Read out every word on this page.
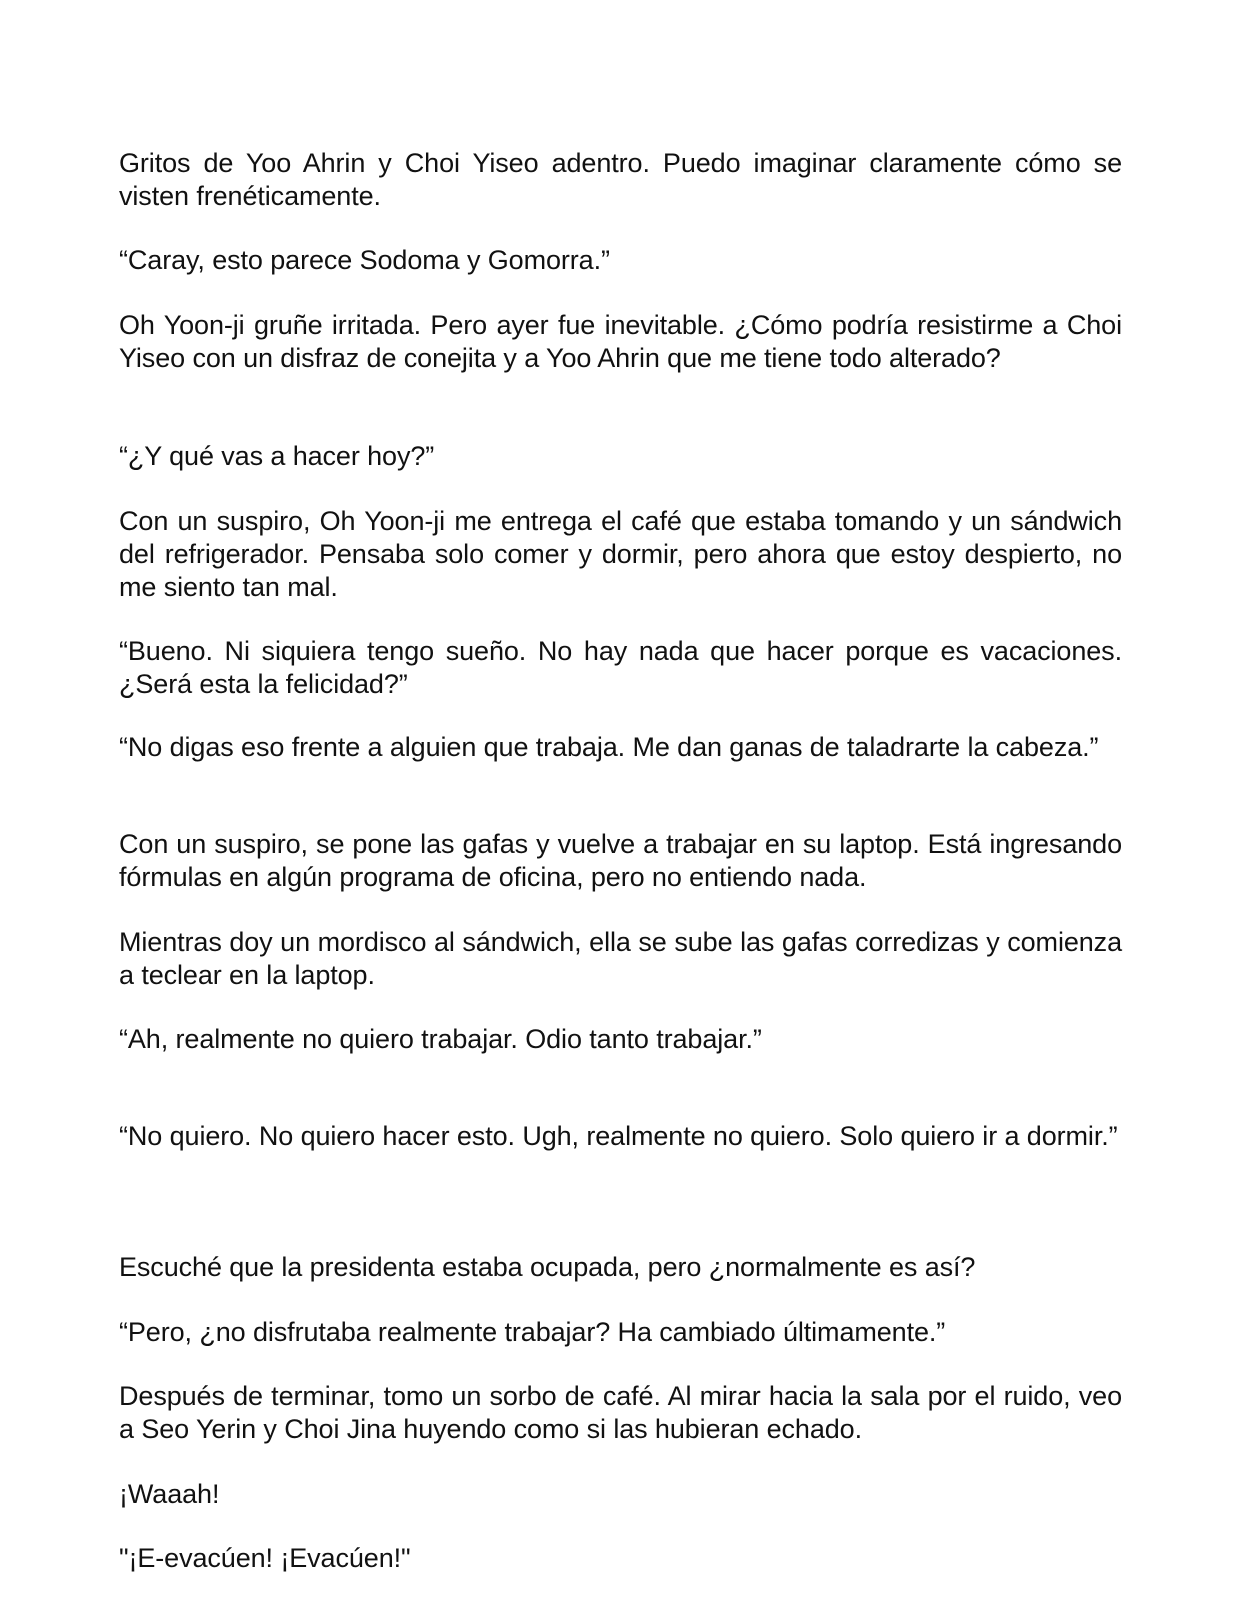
Gritos de Yoo Ahrin y Choi Yiseo adentro. Puedo imaginar claramente cómo se visten frenéticamente.

“Caray, esto parece Sodoma y Gomorra.”

Oh Yoon-ji gruñe irritada. Pero ayer fue inevitable. ¿Cómo podría resistirme a Choi Yiseo con un disfraz de conejita y a Yoo Ahrin que me tiene todo alterado?

“¿Y qué vas a hacer hoy?”

Con un suspiro, Oh Yoon-ji me entrega el café que estaba tomando y un sándwich del refrigerador. Pensaba solo comer y dormir, pero ahora que estoy despierto, no me siento tan mal.

“Bueno. Ni siquiera tengo sueño. No hay nada que hacer porque es vacaciones. ¿Será esta la felicidad?”

“No digas eso frente a alguien que trabaja. Me dan ganas de taladrarte la cabeza.”

Con un suspiro, se pone las gafas y vuelve a trabajar en su laptop. Está ingresando fórmulas en algún programa de oficina, pero no entiendo nada.

Mientras doy un mordisco al sándwich, ella se sube las gafas corredizas y comienza a teclear en la laptop.

“Ah, realmente no quiero trabajar. Odio tanto trabajar.”

“No quiero. No quiero hacer esto. Ugh, realmente no quiero. Solo quiero ir a dormir.”

Escuché que la presidenta estaba ocupada, pero ¿normalmente es así?

“Pero, ¿no disfrutaba realmente trabajar? Ha cambiado últimamente.”

Después de terminar, tomo un sorbo de café. Al mirar hacia la sala por el ruido, veo a Seo Yerin y Choi Jina huyendo como si las hubieran echado.

¡Waaah!

"¡E-evacúen! ¡Evacúen!"
